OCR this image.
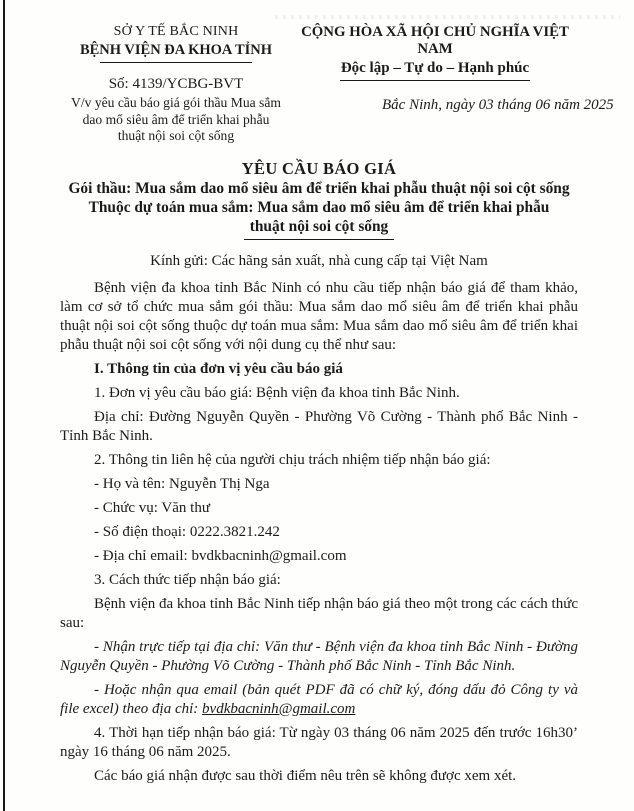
SỞ Y TẾ BẮC NINH
BỆNH VIỆN ĐA KHOA TỈNH
Số: 4139/YCBG-BVT
V/v yêu cầu báo giá gói thầu Mua sắm dao mổ siêu âm để triển khai phẫu thuật nội soi cột sống
CỘNG HÒA XÃ HỘI CHỦ NGHĨA VIỆT NAM
Độc lập – Tự do – Hạnh phúc
Bắc Ninh, ngày 03 tháng 06 năm 2025
YÊU CẦU BÁO GIÁ
Gói thầu: Mua sắm dao mổ siêu âm để triển khai phẫu thuật nội soi cột sống
Thuộc dự toán mua sắm: Mua sắm dao mổ siêu âm để triển khai phẫu
thuật nội soi cột sống
Kính gửi: Các hãng sản xuất, nhà cung cấp tại Việt Nam

Bệnh viện đa khoa tỉnh Bắc Ninh có nhu cầu tiếp nhận báo giá để tham khảo, làm cơ sở tổ chức mua sắm gói thầu: Mua sắm dao mổ siêu âm để triển khai phẫu thuật nội soi cột sống thuộc dự toán mua sắm: Mua sắm dao mổ siêu âm để triển khai phẫu thuật nội soi cột sống với nội dung cụ thể như sau:

I. Thông tin của đơn vị yêu cầu báo giá

1. Đơn vị yêu cầu báo giá: Bệnh viện đa khoa tỉnh Bắc Ninh.

Địa chỉ: Đường Nguyễn Quyền - Phường Võ Cường - Thành phố Bắc Ninh - Tỉnh Bắc Ninh.

2. Thông tin liên hệ của người chịu trách nhiệm tiếp nhận báo giá:

- Họ và tên: Nguyễn Thị Nga

- Chức vụ: Văn thư

- Số điện thoại: 0222.3821.242

- Địa chỉ email: bvdkbacninh@gmail.com

3. Cách thức tiếp nhận báo giá:

Bệnh viện đa khoa tỉnh Bắc Ninh tiếp nhận báo giá theo một trong các cách thức sau:

- Nhận trực tiếp tại địa chỉ: Văn thư - Bệnh viện đa khoa tỉnh Bắc Ninh - Đường Nguyễn Quyền - Phường Võ Cường - Thành phố Bắc Ninh - Tỉnh Bắc Ninh.

- Hoặc nhận qua email (bản quét PDF đã có chữ ký, đóng dấu đỏ Công ty và file excel) theo địa chỉ: bvdkbacninh@gmail.com

4. Thời hạn tiếp nhận báo giá: Từ ngày 03 tháng 06 năm 2025 đến trước 16h30’ ngày 16 tháng 06 năm 2025.

Các báo giá nhận được sau thời điểm nêu trên sẽ không được xem xét.
